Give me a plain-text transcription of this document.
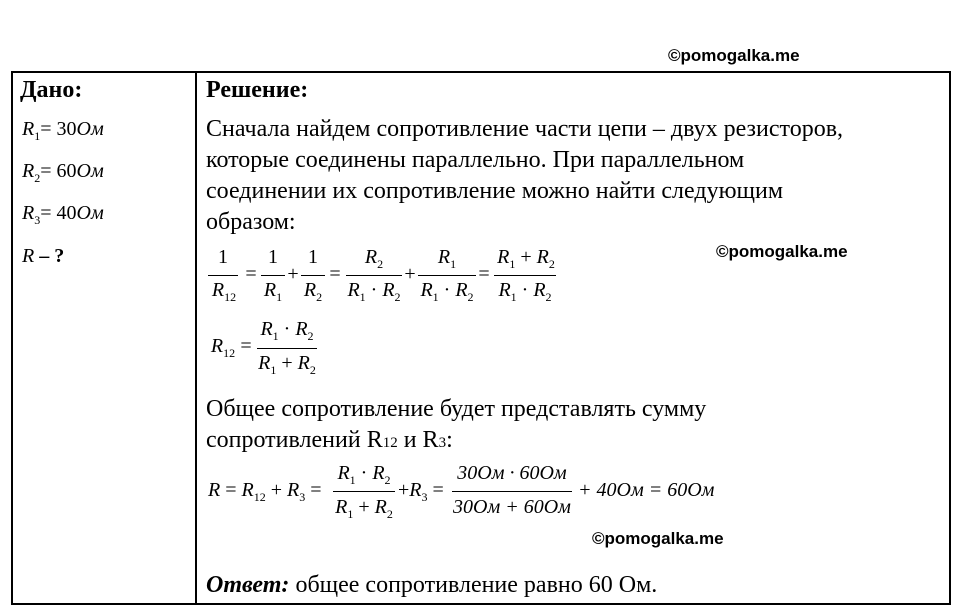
©pomogalka.me
©pomogalka.me
©pomogalka.me
Дано:
$R_1= 30Ом$
$R_2= 60Ом$
$R_3= 40Ом$
R – ?
Решение:
Сначала найдем сопротивление части цепи – двух резисторов,
которые соединены параллельно. При параллельном
соединении их сопротивление можно найти следующим
образом:
1
$R_{12}$
=
1
$R_1$
+
1
$R_2$
=
$R_2$
$R_1 \cdot R_2$
+
$R_1$
$R_1 \cdot R_2$
=
$R_1 + R_2$
$R_1 \cdot R_2$
$R_{12}$ =
$R_1 \cdot R_2$
$R_1 + R_2$
Общее сопротивление будет представлять сумму
сопротивлений R12 и R3:
$R = R_{12} + R_3$ =
$R_1 \cdot R_2$
$R_1 + R_2$
$+R_3$ =
30Ом · 60Ом
30Ом + 60Ом
+ 40Ом = 60Ом
Ответ: общее сопротивление равно 60 Ом.
